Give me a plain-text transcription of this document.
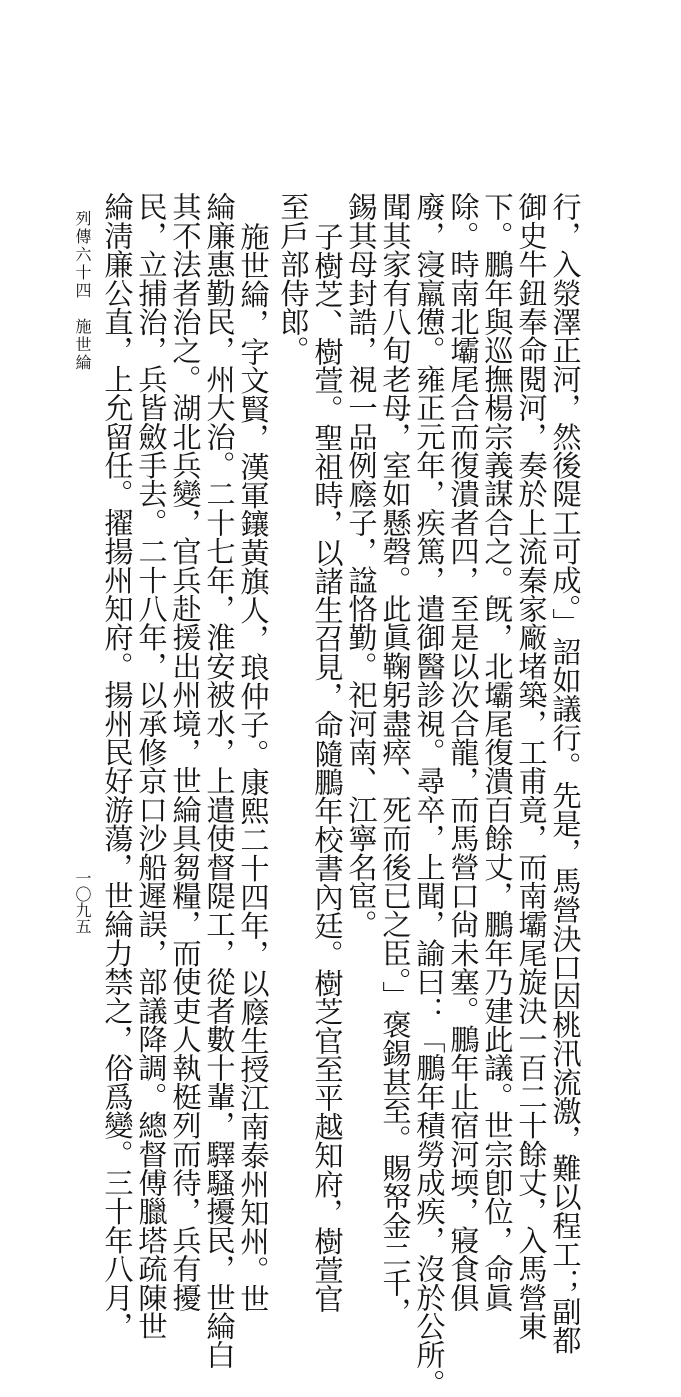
行，入滎澤正河，然後隄工可成。」詔如議行。先是，馬營決口因桃汛流激，難以程工；副都
御史牛鈕奉命閱河，奏於上流秦家廠堵築，工甫竟，而南壩尾旋決一百二十餘丈，入馬營東
下。鵬年與巡撫楊宗義謀合之。旣，北壩尾復潰百餘丈，鵬年乃建此議。世宗卽位，命眞
除。時南北壩尾合而復潰者四，至是以次合龍，而馬營口尙未塞。鵬年止宿河堧，寢食俱
廢，寖羸憊。雍正元年，疾篤，遣御醫診視。尋卒，上聞，諭曰：「鵬年積勞成疾，沒於公所。
聞其家有八旬老母，室如懸磬。此眞鞠躬盡瘁、死而後已之臣。」褒錫甚至。賜帑金二千，
錫其母封誥，視一品例廕子，諡恪勤。祀河南、江寧名宦。
子樹芝、樹萱。聖祖時，以諸生召見，命隨鵬年校書內廷。樹芝官至平越知府，樹萱官
至戶部侍郎。
施世綸，字文賢，漢軍鑲黃旗人，琅仲子。康熙二十四年，以廕生授江南泰州知州。世
綸廉惠勤民，州大治。二十七年，淮安被水，上遣使督隄工，從者數十輩，驛騷擾民，世綸白
其不法者治之。湖北兵變，官兵赴援出州境，世綸具芻糧，而使吏人執梃列而待，兵有擾
民，立捕治，兵皆斂手去。二十八年，以承修京口沙船遲誤，部議降調。總督傅臘塔疏陳世
綸淸廉公直，上允留任。擢揚州知府。揚州民好游蕩，世綸力禁之，俗爲變。三十年八月，
列傳六十四　施世綸
一〇九五
